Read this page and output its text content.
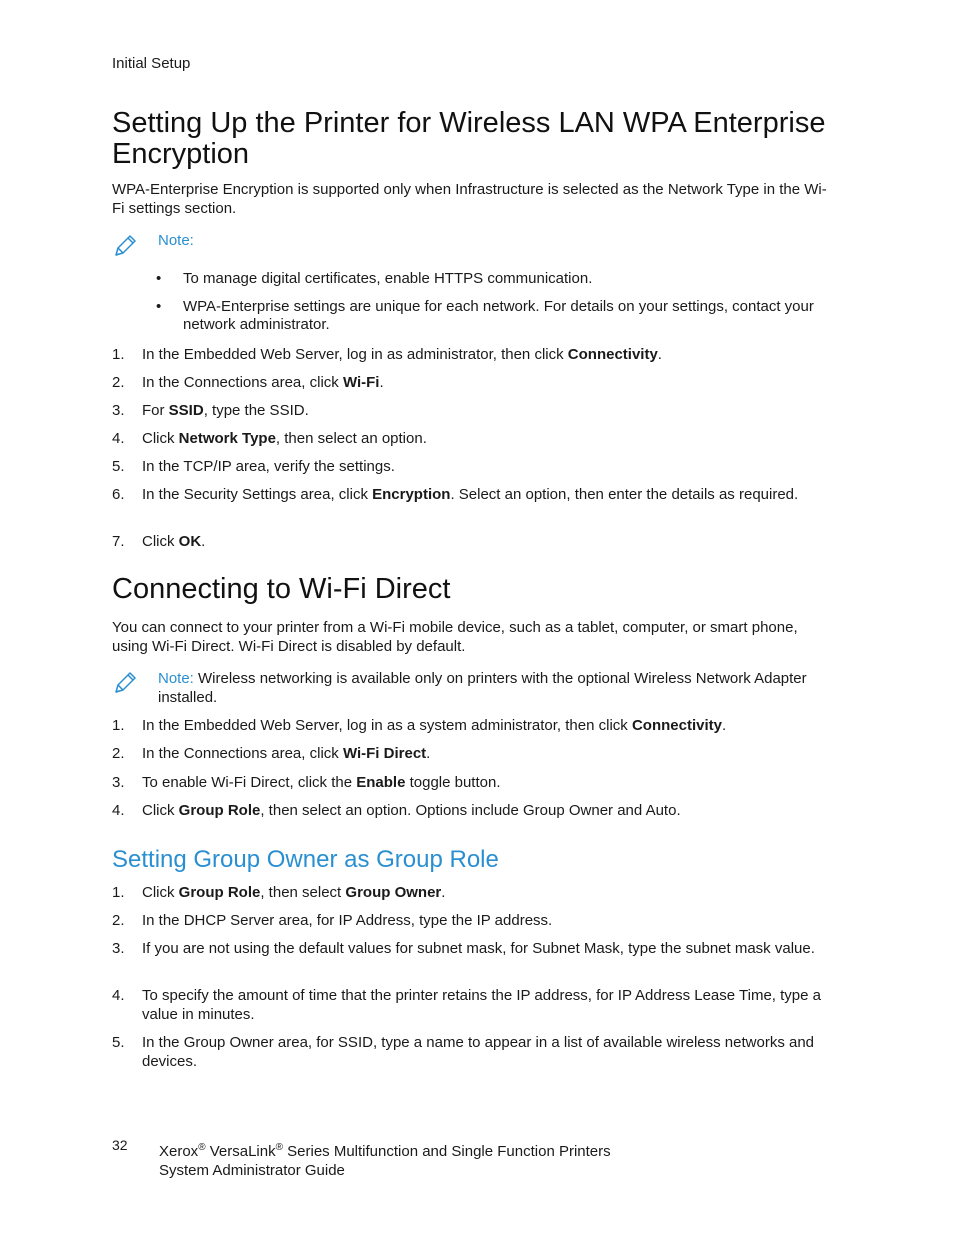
Initial Setup
Setting Up the Printer for Wireless LAN WPA Enterprise Encryption

WPA-Enterprise Encryption is supported only when Infrastructure is selected as the Network Type in the Wi-Fi settings section.

Note:
• To manage digital certificates, enable HTTPS communication.
• WPA-Enterprise settings are unique for each network. For details on your settings, contact your network administrator.
1.	In the Embedded Web Server, log in as administrator, then click Connectivity.
2.	In the Connections area, click Wi-Fi.
3.	For SSID, type the SSID.
4.	Click Network Type, then select an option.
5.	In the TCP/IP area, verify the settings.
6.	In the Security Settings area, click Encryption. Select an option, then enter the details as required.
7.	Click OK.
Connecting to Wi-Fi Direct

You can connect to your printer from a Wi-Fi mobile device, such as a tablet, computer, or smart phone, using Wi-Fi Direct. Wi-Fi Direct is disabled by default.

Note: Wireless networking is available only on printers with the optional Wireless Network Adapter installed.
1.	In the Embedded Web Server, log in as a system administrator, then click Connectivity.
2.	In the Connections area, click Wi-Fi Direct.
3.	To enable Wi-Fi Direct, click the Enable toggle button.
4.	Click Group Role, then select an option. Options include Group Owner and Auto.
Setting Group Owner as Group Role
1.	Click Group Role, then select Group Owner.
2.	In the DHCP Server area, for IP Address, type the IP address.
3.	If you are not using the default values for subnet mask, for Subnet Mask, type the subnet mask value.
4.	To specify the amount of time that the printer retains the IP address, for IP Address Lease Time, type a value in minutes.
5.	In the Group Owner area, for SSID, type a name to appear in a list of available wireless networks and devices.
32 Xerox® VersaLink® Series Multifunction and Single Function Printers
System Administrator Guide
